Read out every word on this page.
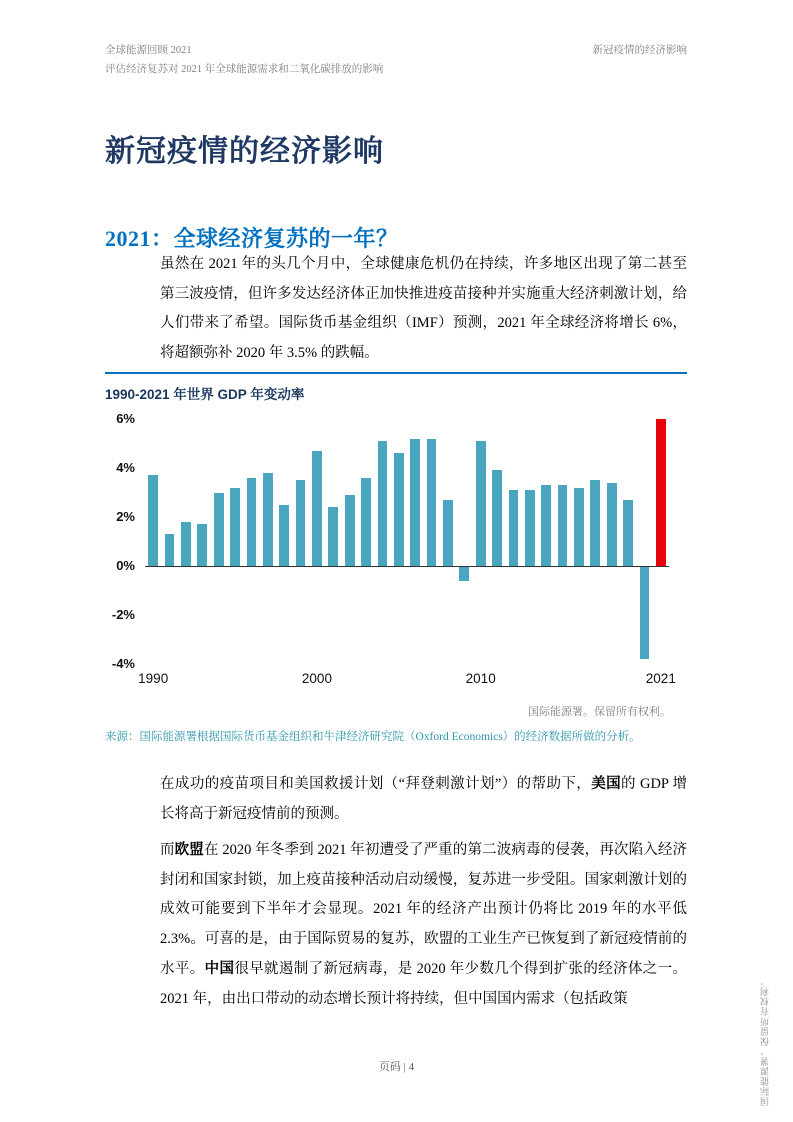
全球能源回顾 2021
评估经济复苏对 2021 年全球能源需求和二氧化碳排放的影响
新冠疫情的经济影响
新冠疫情的经济影响
2021：全球经济复苏的一年？

虽然在 2021 年的头几个月中，全球健康危机仍在持续，许多地区出现了第二甚至第三波疫情，但许多发达经济体正加快推进疫苗接种并实施重大经济刺激计划，给人们带来了希望。国际货币基金组织（IMF）预测，2021 年全球经济将增长 6%，将超额弥补 2020 年 3.5% 的跌幅。

1990-2021 年世界 GDP 年变动率
6%
4%
2%
0%
-2%
-4%
1990	2000	2010	2021
国际能源署。保留所有权利。
来源：国际能源署根据国际货币基金组织和牛津经济研究院（Oxford Economics）的经济数据所做的分析。

在成功的疫苗项目和美国救援计划（“拜登刺激计划”）的帮助下，美国的 GDP 增长将高于新冠疫情前的预测。

而欧盟在 2020 年冬季到 2021 年初遭受了严重的第二波病毒的侵袭，再次陷入经济封闭和国家封锁，加上疫苗接种活动启动缓慢，复苏进一步受阻。国家刺激计划的成效可能要到下半年才会显现。2021 年的经济产出预计仍将比 2019 年的水平低 2.3%。可喜的是，由于国际贸易的复苏，欧盟的工业生产已恢复到了新冠疫情前的水平。中国很早就遏制了新冠病毒，是 2020 年少数几个得到扩张的经济体之一。2021 年，由出口带动的动态增长预计将持续，但中国国内需求（包括政策

页码 | 4	国际能源署。保留所有权利。
